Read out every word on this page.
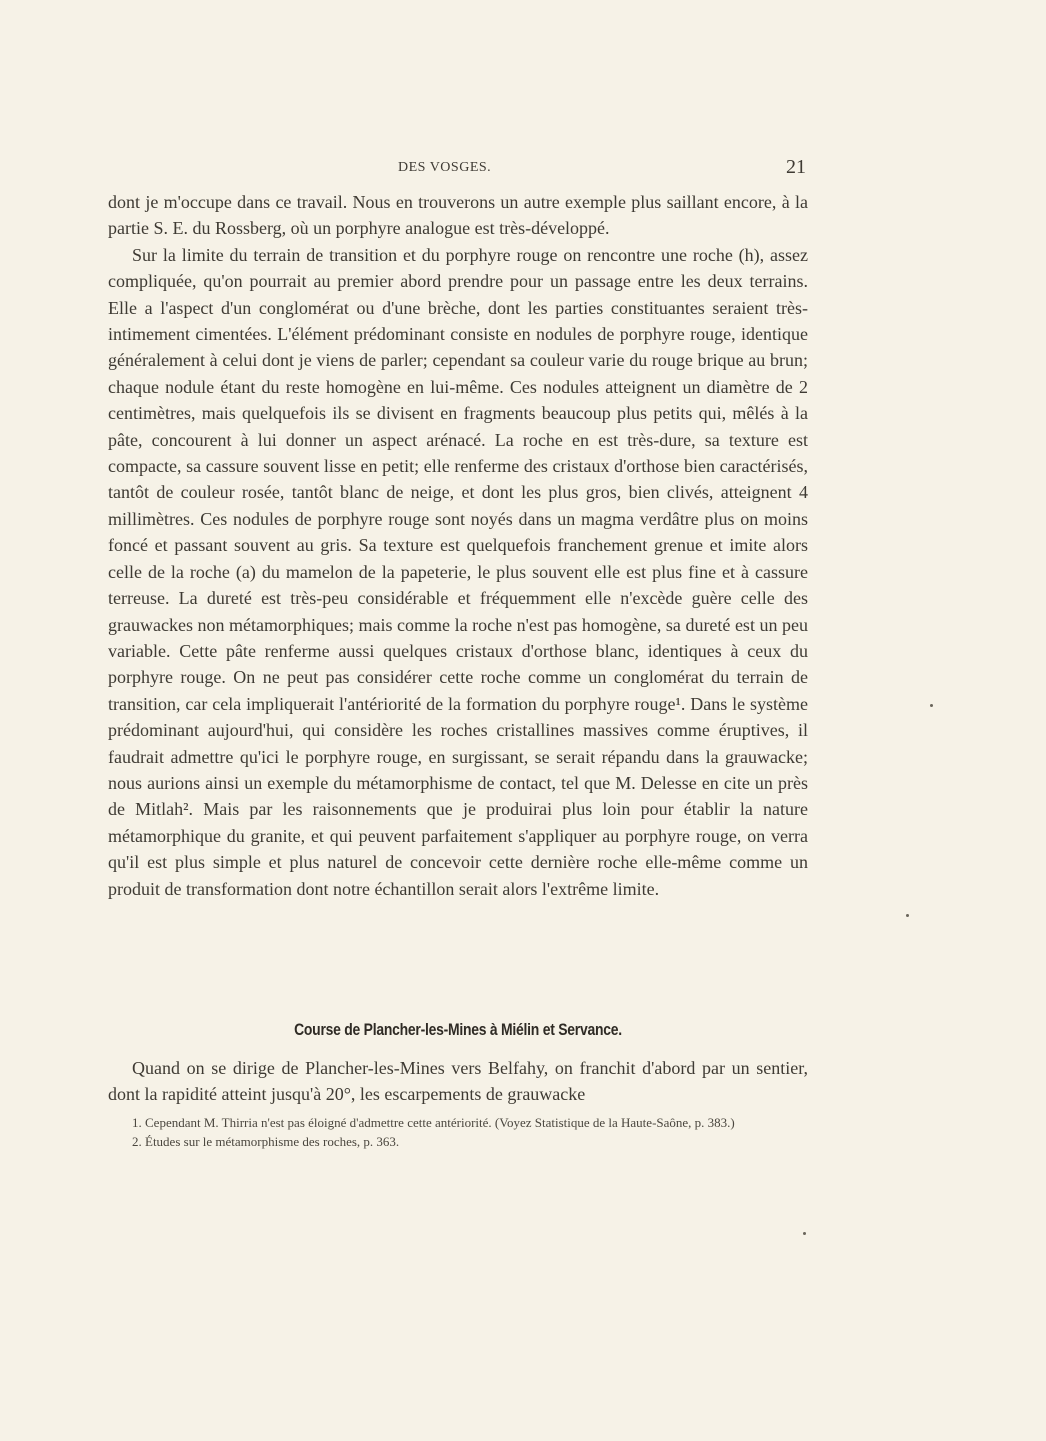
DES VOSGES.	21

dont je m'occupe dans ce travail. Nous en trouverons un autre exemple plus saillant encore, à la partie S. E. du Rossberg, où un porphyre analogue est très-développé.

Sur la limite du terrain de transition et du porphyre rouge on rencontre une roche (h), assez compliquée, qu'on pourrait au premier abord prendre pour un passage entre les deux terrains. Elle a l'aspect d'un conglomérat ou d'une brèche, dont les parties constituantes seraient très-intimement cimentées. L'élément prédominant consiste en nodules de porphyre rouge, identique généralement à celui dont je viens de parler; cependant sa couleur varie du rouge brique au brun; chaque nodule étant du reste homogène en lui-même. Ces nodules atteignent un diamètre de 2 centimètres, mais quelquefois ils se divisent en fragments beaucoup plus petits qui, mêlés à la pâte, concourent à lui donner un aspect arénacé. La roche en est très-dure, sa texture est compacte, sa cassure souvent lisse en petit; elle renferme des cristaux d'orthose bien caractérisés, tantôt de couleur rosée, tantôt blanc de neige, et dont les plus gros, bien clivés, atteignent 4 millimètres. Ces nodules de porphyre rouge sont noyés dans un magma verdâtre plus on moins foncé et passant souvent au gris. Sa texture est quelquefois franchement grenue et imite alors celle de la roche (a) du mamelon de la papeterie, le plus souvent elle est plus fine et à cassure terreuse. La dureté est très-peu considérable et fréquemment elle n'excède guère celle des grauwackes non métamorphiques; mais comme la roche n'est pas homogène, sa dureté est un peu variable. Cette pâte renferme aussi quelques cristaux d'orthose blanc, identiques à ceux du porphyre rouge. On ne peut pas considérer cette roche comme un conglomérat du terrain de transition, car cela impliquerait l'antériorité de la formation du porphyre rouge¹. Dans le système prédominant aujourd'hui, qui considère les roches cristallines massives comme éruptives, il faudrait admettre qu'ici le porphyre rouge, en surgissant, se serait répandu dans la grauwacke; nous aurions ainsi un exemple du métamorphisme de contact, tel que M. Delesse en cite un près de Mitlah². Mais par les raisonnements que je produirai plus loin pour établir la nature métamorphique du granite, et qui peuvent parfaitement s'appliquer au porphyre rouge, on verra qu'il est plus simple et plus naturel de concevoir cette dernière roche elle-même comme un produit de transformation dont notre échantillon serait alors l'extrême limite.

Course de Plancher-les-Mines à Miélin et Servance.

Quand on se dirige de Plancher-les-Mines vers Belfahy, on franchit d'abord par un sentier, dont la rapidité atteint jusqu'à 20°, les escarpements de grauwacke

1. Cependant M. Thirria n'est pas éloigné d'admettre cette antériorité. (Voyez Statistique de la Haute-Saône, p. 383.)

2. Études sur le métamorphisme des roches, p. 363.
